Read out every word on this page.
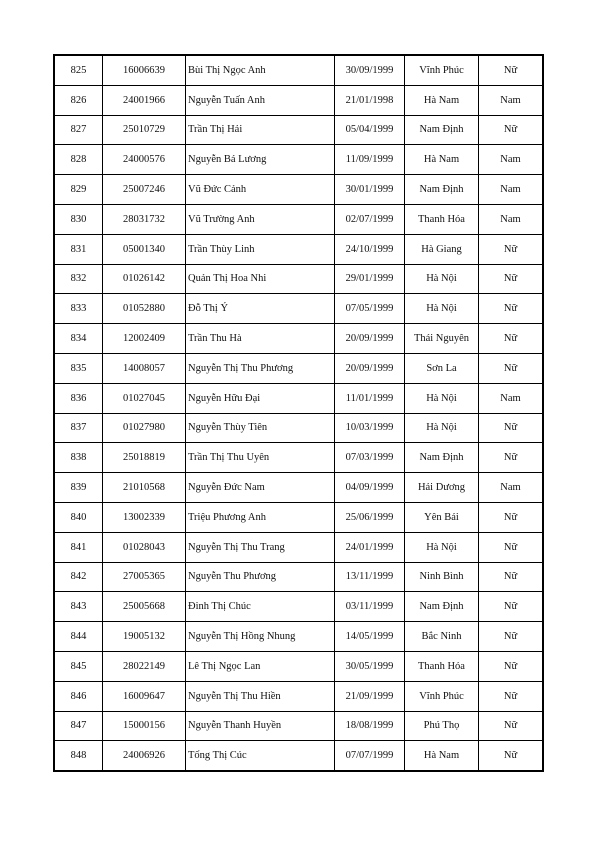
825	16006639	Bùi Thị Ngọc Anh	30/09/1999	Vĩnh Phúc	Nữ
826	24001966	Nguyễn Tuấn Anh	21/01/1998	Hà Nam	Nam
827	25010729	Trần Thị Hải	05/04/1999	Nam Định	Nữ
828	24000576	Nguyễn Bá Lương	11/09/1999	Hà Nam	Nam
829	25007246	Vũ Đức Cảnh	30/01/1999	Nam Định	Nam
830	28031732	Vũ Trường Anh	02/07/1999	Thanh Hóa	Nam
831	05001340	Trần Thùy Linh	24/10/1999	Hà Giang	Nữ
832	01026142	Quản Thị Hoa Nhi	29/01/1999	Hà Nội	Nữ
833	01052880	Đỗ Thị Ý	07/05/1999	Hà Nội	Nữ
834	12002409	Trần Thu Hà	20/09/1999	Thái Nguyên	Nữ
835	14008057	Nguyễn Thị Thu Phương	20/09/1999	Sơn La	Nữ
836	01027045	Nguyễn Hữu Đại	11/01/1999	Hà Nội	Nam
837	01027980	Nguyễn Thùy Tiên	10/03/1999	Hà Nội	Nữ
838	25018819	Trần Thị Thu Uyên	07/03/1999	Nam Định	Nữ
839	21010568	Nguyễn Đức Nam	04/09/1999	Hải Dương	Nam
840	13002339	Triệu Phương Anh	25/06/1999	Yên Bái	Nữ
841	01028043	Nguyễn Thị Thu Trang	24/01/1999	Hà Nội	Nữ
842	27005365	Nguyễn Thu Phương	13/11/1999	Ninh Bình	Nữ
843	25005668	Đinh Thị Chúc	03/11/1999	Nam Định	Nữ
844	19005132	Nguyễn Thị Hồng Nhung	14/05/1999	Bắc Ninh	Nữ
845	28022149	Lê Thị Ngọc Lan	30/05/1999	Thanh Hóa	Nữ
846	16009647	Nguyễn Thị Thu Hiền	21/09/1999	Vĩnh Phúc	Nữ
847	15000156	Nguyễn Thanh Huyền	18/08/1999	Phú Thọ	Nữ
848	24006926	Tống Thị Cúc	07/07/1999	Hà Nam	Nữ
